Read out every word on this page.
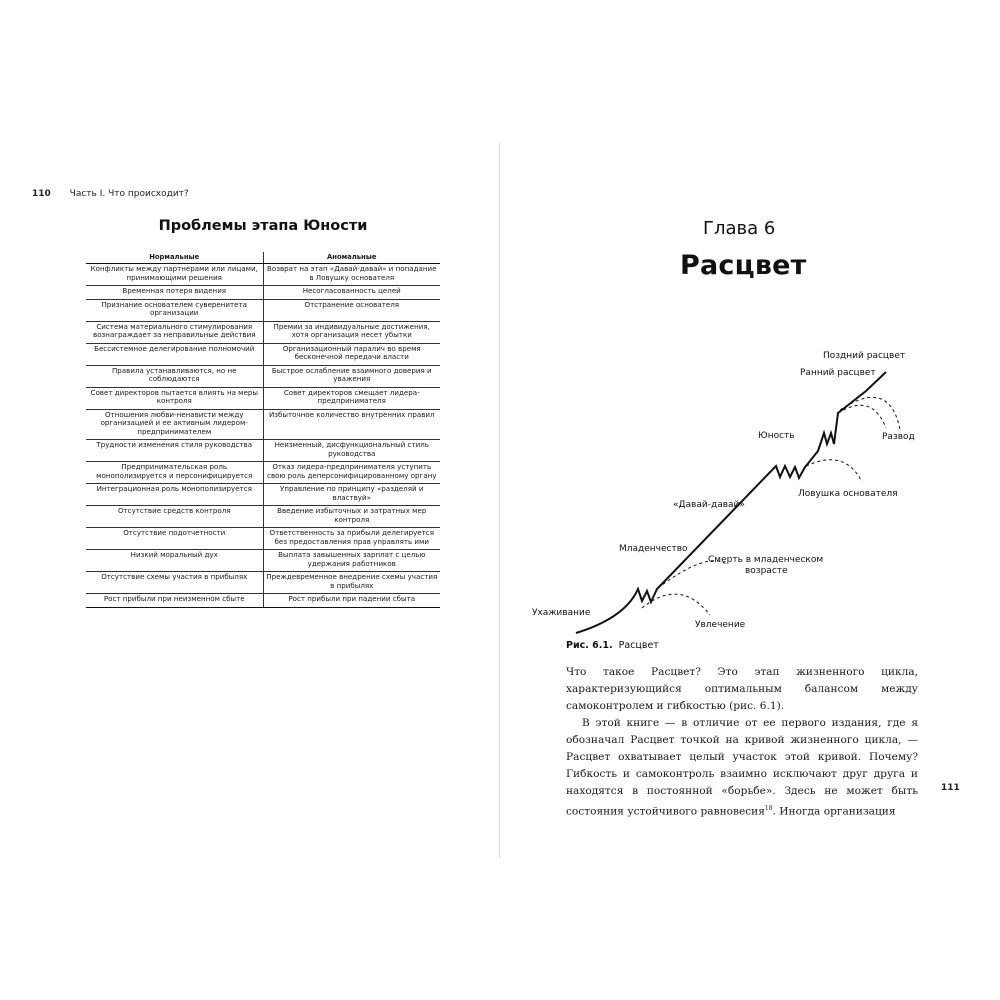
110 Часть I. Что происходит?
Проблемы этапа Юности
Нормальные	Аномальные
Конфликты между партнерами или лицами, принимающими решения	Возврат на этап «Давай-давай» и попадание в Ловушку основателя
Временная потеря видения	Несогласованность целей
Признание основателем суверенитета организации	Отстранение основателя
Система материального стимулирования вознаграждает за неправильные действия	Премии за индивидуальные достижения, хотя организация несет убытки
Бессистемное делегирование полномочий	Организационный паралич во время бесконечной передачи власти
Правила устанавливаются, но не соблюдаются	Быстрое ослабление взаимного доверия и уважения
Совет директоров пытается влиять на меры контроля	Совет директоров смещает лидера-предпринимателя
Отношения любви-ненависти между организацией и ее активным лидером-предпринимателем	Избыточное количество внутренних правил
Трудности изменения стиля руководства	Неизменный, дисфункциональный стиль руководства
Предпринимательская роль монополизируется и персонифицируется	Отказ лидера-предпринимателя уступить свою роль деперсонифицированному органу
Интеграционная роль монополизируется	Управление по принципу «разделяй и властвуй»
Отсутствие средств контроля	Введение избыточных и затратных мер контроля
Отсутствие подотчетности	Ответственность за прибыли делегируется без предоставления прав управлять ими
Низкий моральный дух	Выплата завышенных зарплат с целью удержания работников
Отсутствие схемы участия в прибылях	Преждевременное внедрение схемы участия в прибылях
Рост прибыли при неизменном сбыте	Рост прибыли при падении сбыта
Глава 6
Расцвет
Поздний расцвет
Ранний расцвет
Юность	Развод
Ловушка основателя
«Давай-давай»
Младенчество
Смерть в младенческом
возрасте
Ухаживание
Увлечение
Рис. 6.1. Расцвет

Что такое Расцвет? Это этап жизненного цикла, характеризующийся оптимальным балансом между самоконтролем и гибкостью (рис. 6.1).

В этой книге — в отличие от ее первого издания, где я обозначал Расцвет точкой на кривой жизненного цикла, — Расцвет охватывает целый участок этой кривой. Почему? Гибкость и самоконтроль взаимно исключают друг друга и находятся в постоянной «борьбе». Здесь не может быть состояния устойчивого равновесия$^{18}$. Иногда организация

111
